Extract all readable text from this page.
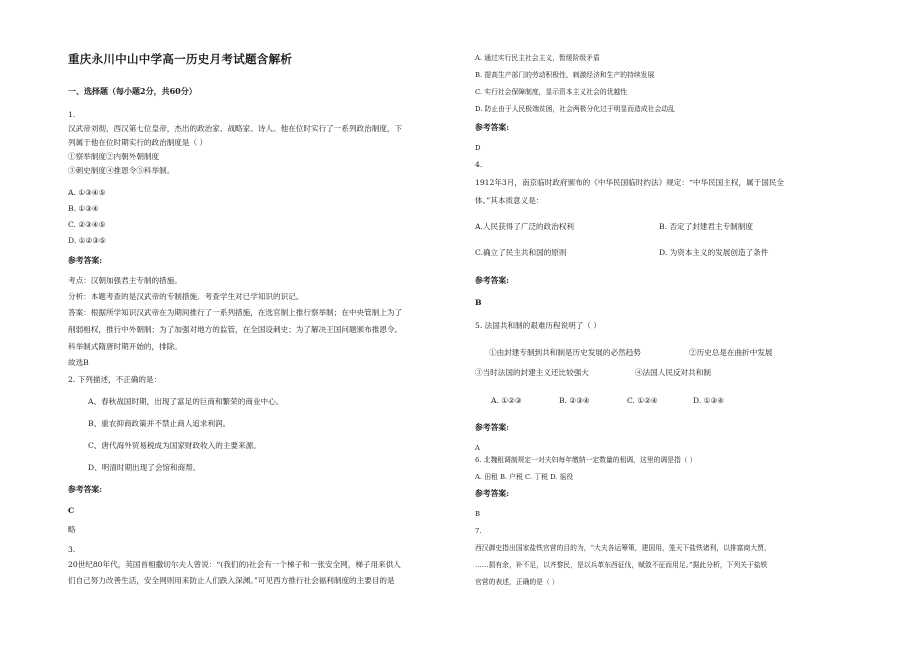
重庆永川中山中学高一历史月考试题含解析
一、选择题（每小题2分，共60分）
1.
汉武帝刘彻，西汉第七位皇帝，杰出的政治家、战略家、诗人。他在位时实行了一系列政治制度，下
列属于他在位时期实行的政治制度是（ ）
①察举制度②内朝外朝制度
③刺史制度④推恩令⑤科举制。
A. ①③④⑤
B. ①③④
C. ②③④⑤
D. ①②③⑤
参考答案:
考点：汉朝加强君主专制的措施。
分析：本题考查的是汉武帝的专制措施．考查学生对已学知识的识记。
答案：根据所学知识汉武帝在为期间推行了一系列措施，在选官制上推行察举制；在中央管制上为了
削弱相权，推行中外朝制；为了加强对地方的监管，在全国设刺史；为了解决王国问题颁布推恩令。
科举制式隋唐时期开始的，排除。
故选B
2. 下列描述，不正确的是：
A、春秋战国时期，出现了富足的巨商和繁荣的商业中心。
B、重农抑商政策并不禁止商人追求利润。
C、唐代海外贸易税成为国家财政收入的主要来源。
D、明清时期出现了会馆和商帮。
参考答案:
C
略
3.
20世纪80年代，英国首相撒切尔夫人曾说：“(我们的)社会有一个梯子和一张安全网，梯子用来供人
们自己努力改善生活，安全网则用来防止人们跌入深渊。”可见西方推行社会福利制度的主要目的是
A. 通过实行民主社会主义，暂缓阶级矛盾
B. 提高生产部门的劳动积极性，刺激经济和生产的持续发展
C. 实行社会保障制度，显示资本主义社会的优越性
D. 防止由于人民极端贫困，社会两极分化过于明显而造成社会动乱
参考答案:
D
4.
1912年3月，南京临时政府颁布的《中华民国临时约法》规定：“中华民国主权，属于国民全
体。”其本质意义是：
A.人民获得了广泛的政治权利	B. 否定了封建君主专制制度
C.确立了民主共和国的原则	D. 为资本主义的发展创造了条件
参考答案:
B
5. 法国共和制的艰难历程说明了（ ）
①由封建专制到共和制是历史发展的必然趋势	②历史总是在曲折中发展
③当时法国的封建主义还比较强大	④法国人民反对共和制
A. ①②③	B. ②③④	C. ①②④	D. ①③④
参考答案:
A
6. 北魏租调制规定一对夫妇每年缴纳一定数量的租调，这里的调是指（ ）
A. 田租 B. 户税 C. 丁税 D. 徭役
参考答案:
B
7.
西汉御史指出国家盐铁官营的目的为，“大夫各运筹策，建国用，笼天下盐铁诸利，以排富商大贾，
……损有余，补不足，以齐黎民，是以兵革东西征伐，赋敛不征而用足。”据此分析，下列关于盐铁
官营的表述，正确的是（ ）
